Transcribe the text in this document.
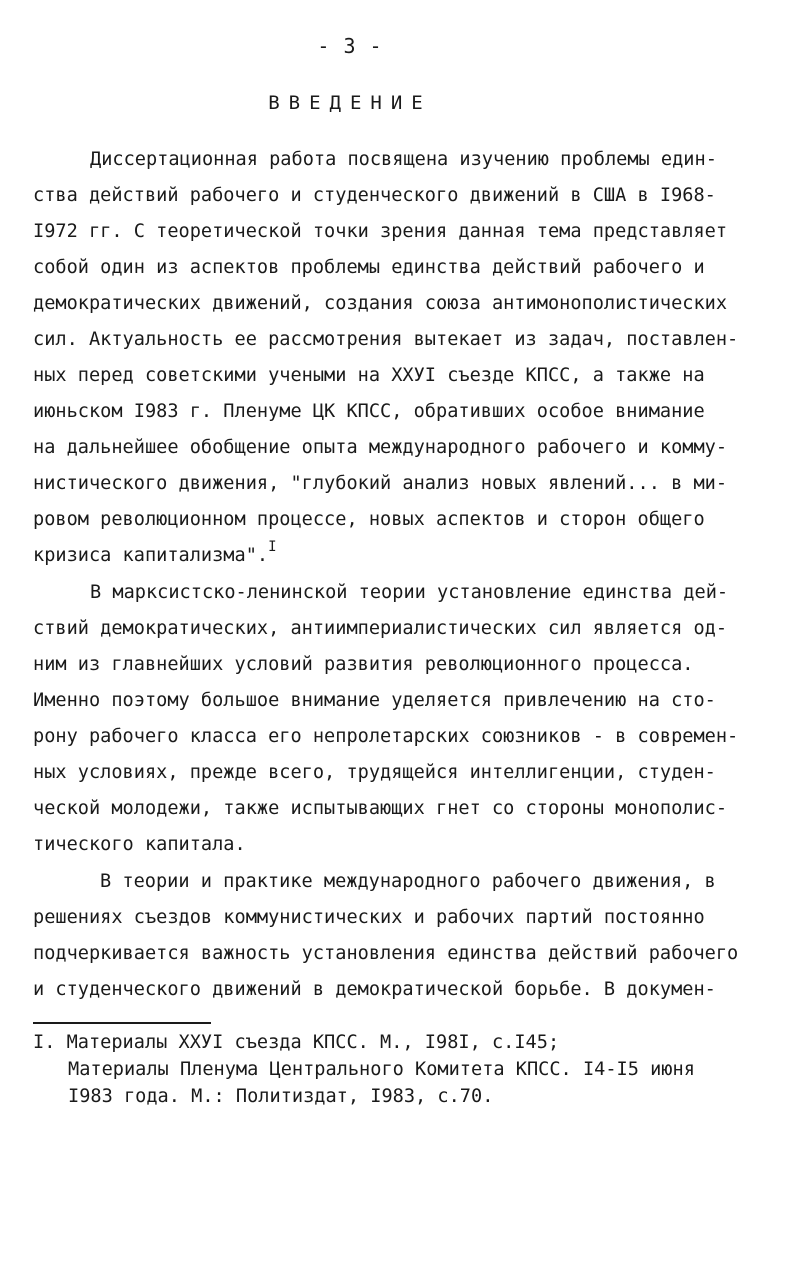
- 3 -
ВВЕДЕНИЕ
Диссертационная работа посвящена изучению проблемы един-
ства действий рабочего и студенческого движений в США в I968-
I972 гг. С теоретической точки зрения данная тема представляет
собой один из аспектов проблемы единства действий рабочего и
демократических движений, создания союза антимонополистических
сил. Актуальность ее рассмотрения вытекает из задач, поставлен-
ных перед советскими учеными на ХХУI съезде КПСС, а также на
июньском I983 г. Пленуме ЦК КПСС, обративших особое внимание
на дальнейшее обобщение опыта международного рабочего и комму-
нистического движения, "глубокий анализ новых явлений... в ми-
ровом революционном процессе, новых аспектов и сторон общего
кризиса капитализма".$^I$
В марксистско-ленинской теории установление единства дей-
ствий демократических, антиимпериалистических сил является од-
ним из главнейших условий развития революционного процесса.
Именно поэтому большое внимание уделяется привлечению на сто-
рону рабочего класса его непролетарских союзников - в современ-
ных условиях, прежде всего, трудящейся интеллигенции, студен-
ческой молодежи, также испытывающих гнет со стороны монополис-
тического капитала.
В теории и практике международного рабочего движения, в
решениях съездов коммунистических и рабочих партий постоянно
подчеркивается важность установления единства действий рабочего
и студенческого движений в демократической борьбе. В докумен-
I. Материалы ХХУI съезда КПСС. М., I98I, с.I45;
Материалы Пленума Центрального Комитета КПСС. I4-I5 июня
I983 года. М.: Политиздат, I983, с.70.
